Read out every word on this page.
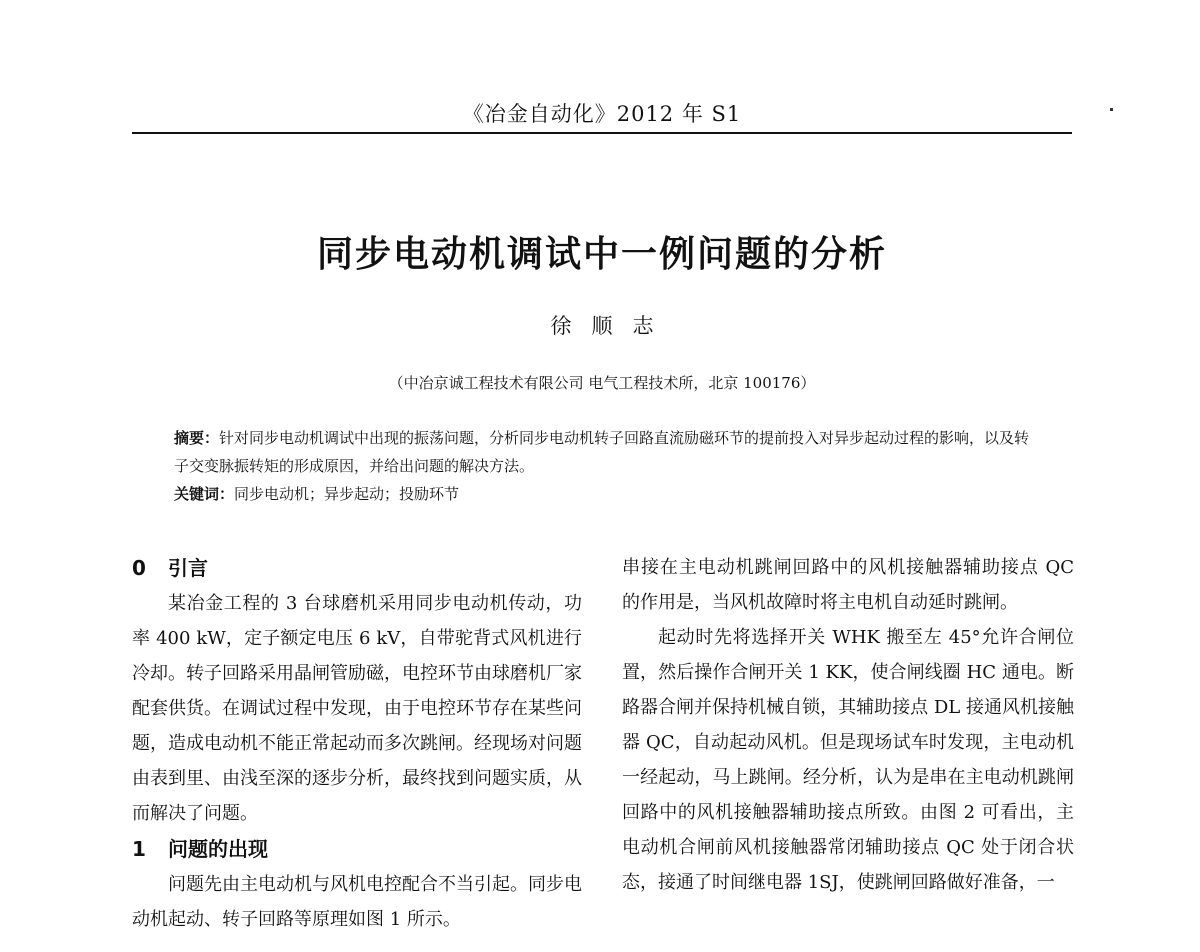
《冶金自动化》2012 年 S1
同步电动机调试中一例问题的分析
徐顺志
（中冶京诚工程技术有限公司 电气工程技术所，北京 100176）

摘要：针对同步电动机调试中出现的振荡问题，分析同步电动机转子回路直流励磁环节的提前投入对异步起动过程的影响，以及转子交变脉振转矩的形成原因，并给出问题的解决方法。

关键词：同步电动机；异步起动；投励环节

0 引言

某冶金工程的 3 台球磨机采用同步电动机传动，功率 400 kW，定子额定电压 6 kV，自带驼背式风机进行冷却。转子回路采用晶闸管励磁，电控环节由球磨机厂家配套供货。在调试过程中发现，由于电控环节存在某些问题，造成电动机不能正常起动而多次跳闸。经现场对问题由表到里、由浅至深的逐步分析，最终找到问题实质，从而解决了问题。

1 问题的出现

问题先由主电动机与风机电控配合不当引起。同步电动机起动、转子回路等原理如图 1 所示。

串接在主电动机跳闸回路中的风机接触器辅助接点 QC 的作用是，当风机故障时将主电机自动延时跳闸。

起动时先将选择开关 WHK 搬至左 45°允许合闸位置，然后操作合闸开关 1 KK，使合闸线圈 HC 通电。断路器合闸并保持机械自锁，其辅助接点 DL 接通风机接触器 QC，自动起动风机。但是现场试车时发现，主电动机一经起动，马上跳闸。经分析，认为是串在主电动机跳闸回路中的风机接触器辅助接点所致。由图 2 可看出，主电动机合闸前风机接触器常闭辅助接点 QC 处于闭合状态，接通了时间继电器 1SJ，使跳闸回路做好准备，一
